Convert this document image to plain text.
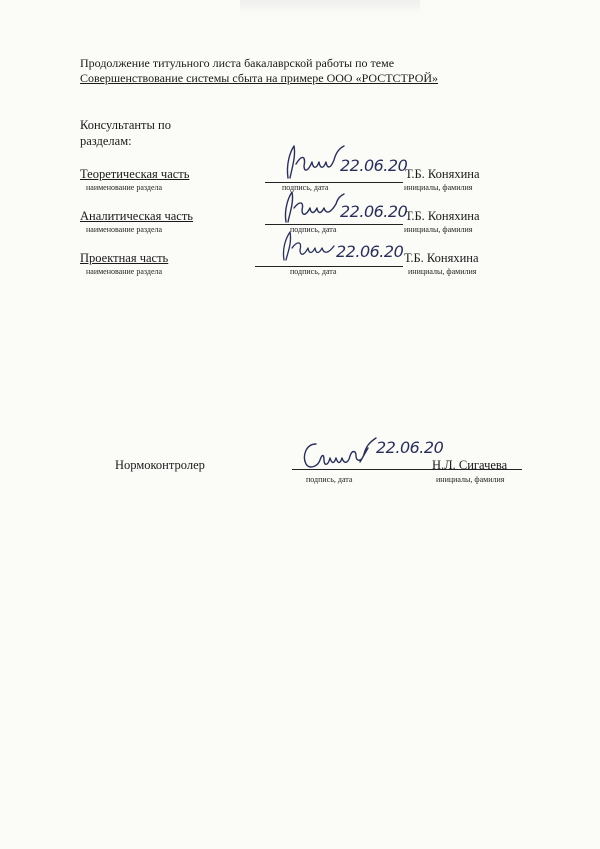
Продолжение титульного листа бакалаврской работы по теме
Совершенствование системы сбыта на примере ООО «РОСТСТРОЙ»
Консультанты по
разделам:
Теоретическая часть
наименование раздела
22.06.20
подпись, дата
Т.Б. Коняхина
инициалы, фамилия
Аналитическая часть
наименование раздела
22.06.20
подпись, дата
Т.Б. Коняхина
инициалы, фамилия
Проектная часть
наименование раздела
22.06.20
подпись, дата
Т.Б. Коняхина
инициалы, фамилия
Нормоконтролер
22.06.20
подпись, дата
Н.Л. Сигачева
инициалы, фамилия
